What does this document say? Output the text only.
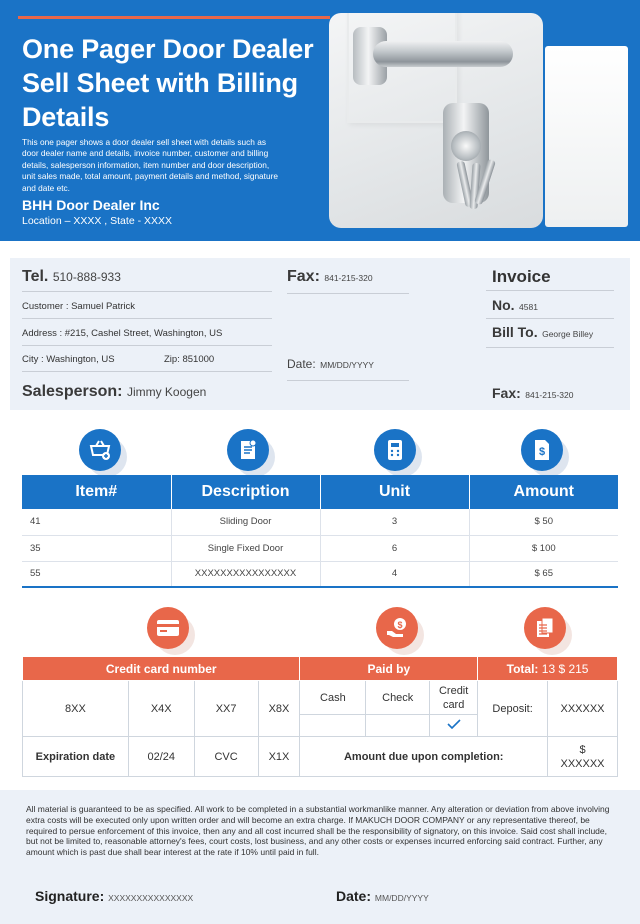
One Pager Door Dealer Sell Sheet with Billing Details
This one pager shows a door dealer sell sheet with details such as door dealer name and details, invoice number, customer and billing details, salesperson information, item number and door description, unit sales made, total amount, payment details and method, signature and date etc.
BHH Door Dealer Inc
Location – XXXX , State - XXXX
Tel. 510-888-933
Customer : Samuel Patrick
Address : #215, Cashel Street, Washington, US
City : Washington, US	Zip: 851000
Salesperson: Jimmy Koogen
Fax: 841-215-320
Date: MM/DD/YYYY
Invoice
No. 4581
Bill To. George Billey
Fax: 841-215-320
$
Item#	Description	Unit	Amount
41	Sliding Door	3	$ 50
35	Single Fixed Door	6	$ 100
55	XXXXXXXXXXXXXXXX	4	$ 65
$
Credit card number				Paid by			Total: 13 $ 215	
8XX	X4X	XX7	X8X	Cash	Check	Credit card	Deposit:	XXXXXX

Expiration date	02/24	CVC	X1X	Amount due upon completion:				$
XXXXXX
All material is guaranteed to be as specified. All work to be completed in a substantial workmanlike manner. Any alteration or deviation from above involving extra costs will be executed only upon written order and will become an extra charge. If MAKUCH DOOR COMPANY or any representative thereof, be required to persue enforcement of this invoice, then any and all cost incurred shall be the responsibility of signatory, on this invoice. Said cost shall include, but not be limited to, reasonable attorney's fees, court costs, lost business, and any other costs or expenses incurred enforcing said contract. Further, any amount which is past due shall bear interest at the rate if 10% until paid in full.
Signature: XXXXXXXXXXXXXXX	Date: MM/DD/YYYY
